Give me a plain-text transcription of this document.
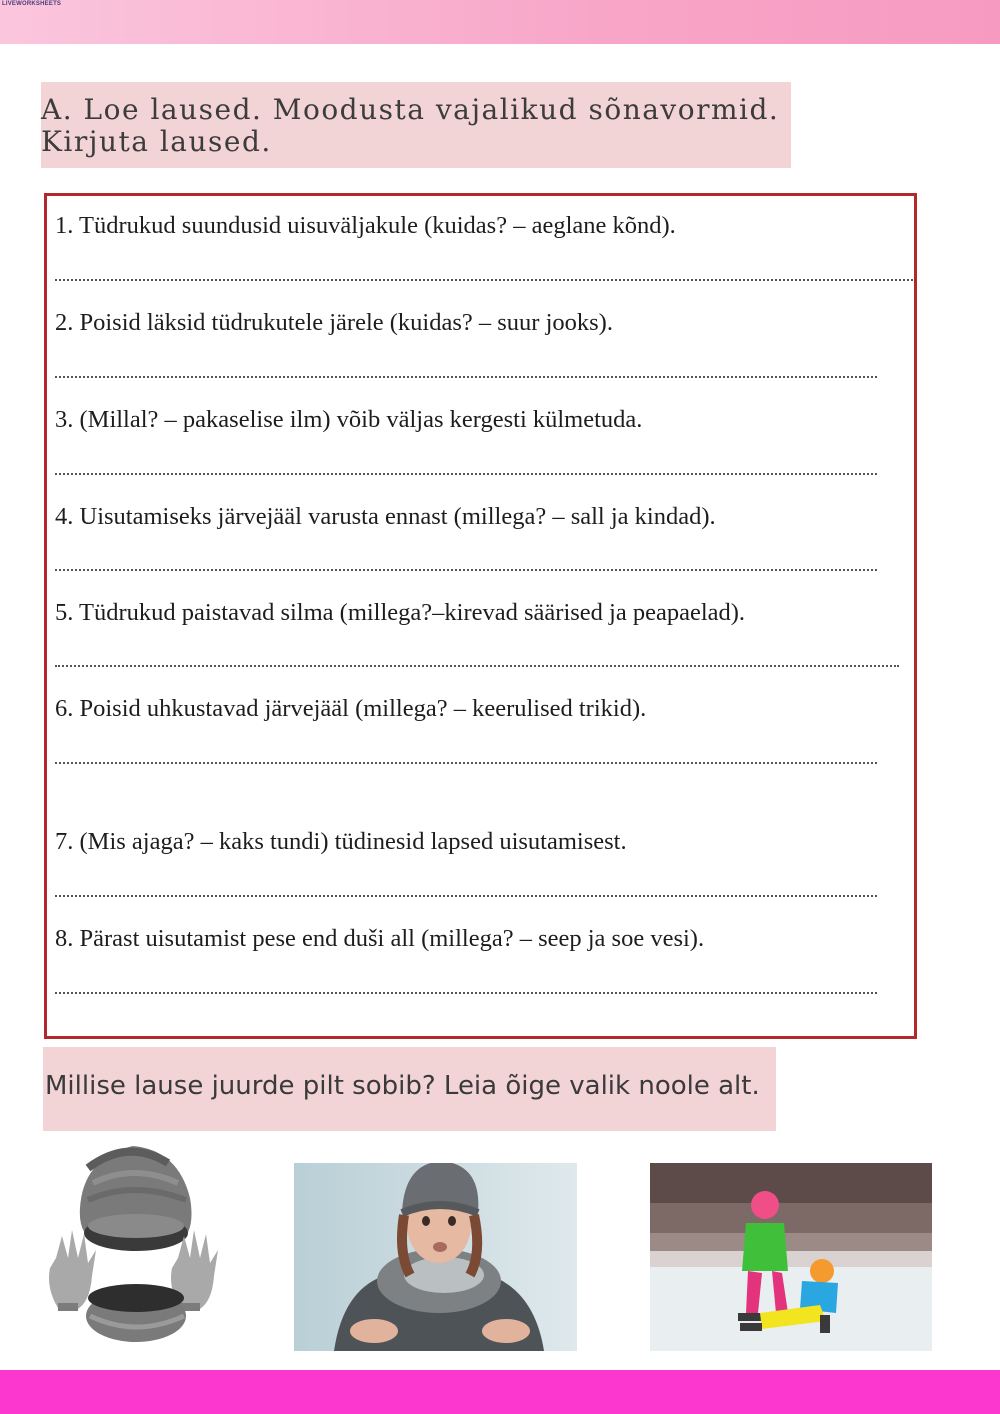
LIVEWORKSHEETS
A. Loe laused. Moodusta vajalikud sõnavormid. Kirjuta laused.
1. Tüdrukud suundusid uisuväljakule (kuidas? – aeglane kõnd).
2. Poisid läksid tüdrukutele järele (kuidas? – suur jooks).
3. (Millal? – pakaselise ilm) võib väljas kergesti külmetuda.
4. Uisutamiseks järvejääl varusta ennast (millega? – sall ja kindad).
5. Tüdrukud paistavad silma (millega?–kirevad säärised ja peapaelad).
6. Poisid uhkustavad järvejääl (millega? – keerulised trikid).
7. (Mis ajaga? – kaks tundi) tüdinesid lapsed uisutamisest.
8. Pärast uisutamist pese end duši all (millega? – seep ja soe vesi).
Millise lause juurde pilt sobib? Leia õige valik noole alt.
